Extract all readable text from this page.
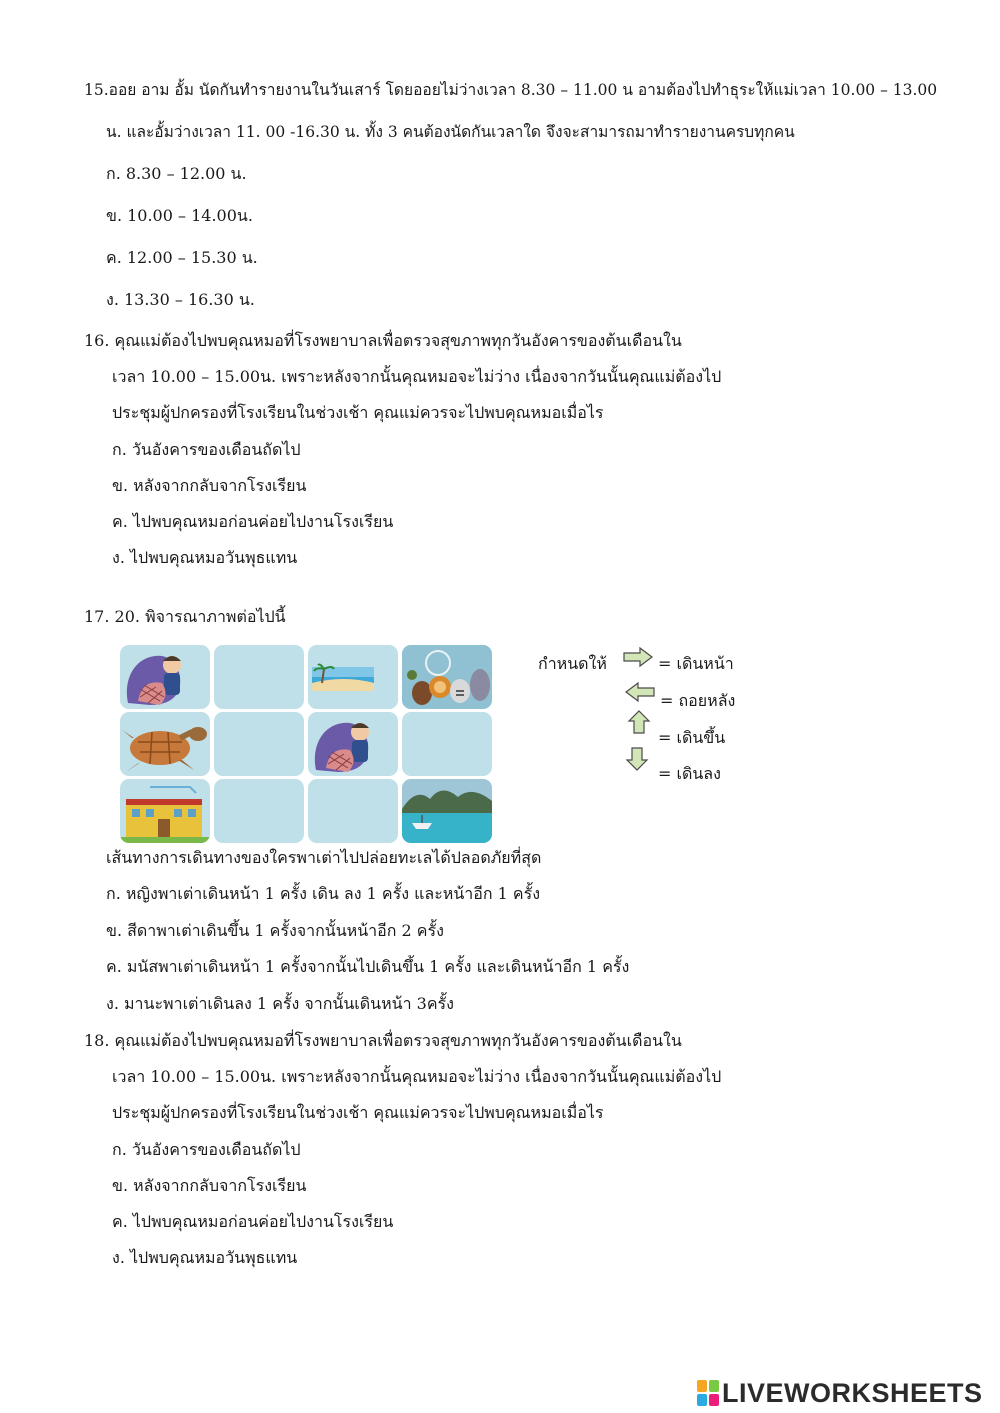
15.ออย อาม อั้ม นัดกันทำรายงานในวันเสาร์ โดยออยไม่ว่างเวลา 8.30 – 11.00 น อามต้องไปทำธุระให้แม่เวลา 10.00 – 13.00
น. และอั้มว่างเวลา 11. 00 -16.30 น. ทั้ง 3 คนต้องนัดกันเวลาใด จึงจะสามารถมาทำรายงานครบทุกคน
ก. 8.30 – 12.00 น.
ข. 10.00 – 14.00น.
ค. 12.00 – 15.30 น.
ง. 13.30 – 16.30 น.
16. คุณแม่ต้องไปพบคุณหมอที่โรงพยาบาลเพื่อตรวจสุขภาพทุกวันอังคารของต้นเดือนใน
เวลา 10.00 – 15.00น. เพราะหลังจากนั้นคุณหมอจะไม่ว่าง เนื่องจากวันนั้นคุณแม่ต้องไป
ประชุมผู้ปกครองที่โรงเรียนในช่วงเช้า คุณแม่ควรจะไปพบคุณหมอเมื่อไร
ก. วันอังคารของเดือนถัดไป
ข. หลังจากกลับจากโรงเรียน
ค. ไปพบคุณหมอก่อนค่อยไปงานโรงเรียน
ง. ไปพบคุณหมอวันพุธแทน
17. 20. พิจารณาภาพต่อไปนี้
กำหนดให้	= เดินหน้า
= ถอยหลัง
= เดินขึ้น
= เดินลง
เส้นทางการเดินทางของใครพาเต่าไปปล่อยทะเลได้ปลอดภัยที่สุด
ก. หญิงพาเต่าเดินหน้า 1 ครั้ง เดิน ลง 1 ครั้ง และหน้าอีก 1 ครั้ง
ข. สีดาพาเต่าเดินขึ้น 1 ครั้งจากนั้นหน้าอีก 2 ครั้ง
ค. มนัสพาเต่าเดินหน้า 1 ครั้งจากนั้นไปเดินขึ้น 1 ครั้ง และเดินหน้าอีก 1 ครั้ง
ง. มานะพาเต่าเดินลง 1 ครั้ง จากนั้นเดินหน้า 3ครั้ง
18. คุณแม่ต้องไปพบคุณหมอที่โรงพยาบาลเพื่อตรวจสุขภาพทุกวันอังคารของต้นเดือนใน
เวลา 10.00 – 15.00น. เพราะหลังจากนั้นคุณหมอจะไม่ว่าง เนื่องจากวันนั้นคุณแม่ต้องไป
ประชุมผู้ปกครองที่โรงเรียนในช่วงเช้า คุณแม่ควรจะไปพบคุณหมอเมื่อไร
ก. วันอังคารของเดือนถัดไป
ข. หลังจากกลับจากโรงเรียน
ค. ไปพบคุณหมอก่อนค่อยไปงานโรงเรียน
ง. ไปพบคุณหมอวันพุธแทน
LIVEWORKSHEETS
